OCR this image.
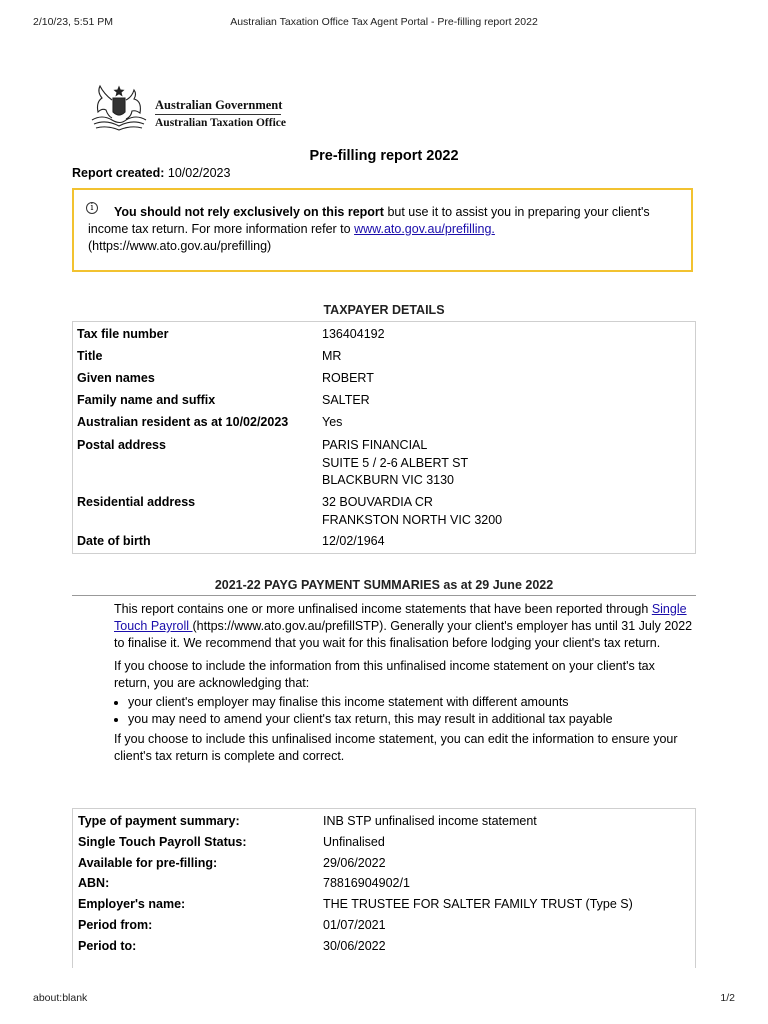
2/10/23, 5:51 PM	Australian Taxation Office Tax Agent Portal - Pre-filling report 2022
Australian Government
Australian Taxation Office
Pre-filling report 2022
Report created: 10/02/2023
i	You should not rely exclusively on this report but use it to assist you in preparing your client's income tax return. For more information refer to www.ato.gov.au/prefilling.
(https://www.ato.gov.au/prefilling)
TAXPAYER DETAILS
Tax file number	136404192
Title	MR
Given names	ROBERT
Family name and suffix	SALTER
Australian resident as at 10/02/2023	Yes
Postal address	PARIS FINANCIAL
SUITE 5 / 2-6 ALBERT ST
BLACKBURN VIC 3130
Residential address	32 BOUVARDIA CR
FRANKSTON NORTH VIC 3200
Date of birth	12/02/1964
2021-22 PAYG PAYMENT SUMMARIES as at 29 June 2022

This report contains one or more unfinalised income statements that have been reported through Single Touch Payroll (https://www.ato.gov.au/prefillSTP). Generally your client's employer has until 31 July 2022 to finalise it. We recommend that you wait for this finalisation before lodging your client's tax return.

If you choose to include the information from this unfinalised income statement on your client's tax return, you are acknowledging that:

• your client's employer may finalise this income statement with different amounts
• you may need to amend your client's tax return, this may result in additional tax payable

If you choose to include this unfinalised income statement, you can edit the information to ensure your client's tax return is complete and correct.

Type of payment summary:	INB STP unfinalised income statement
Single Touch Payroll Status:	Unfinalised
Available for pre-filling:	29/06/2022
ABN:	78816904902/1
Employer's name:	THE TRUSTEE FOR SALTER FAMILY TRUST (Type S)
Period from:	01/07/2021
Period to:	30/06/2022
about:blank	1/2
